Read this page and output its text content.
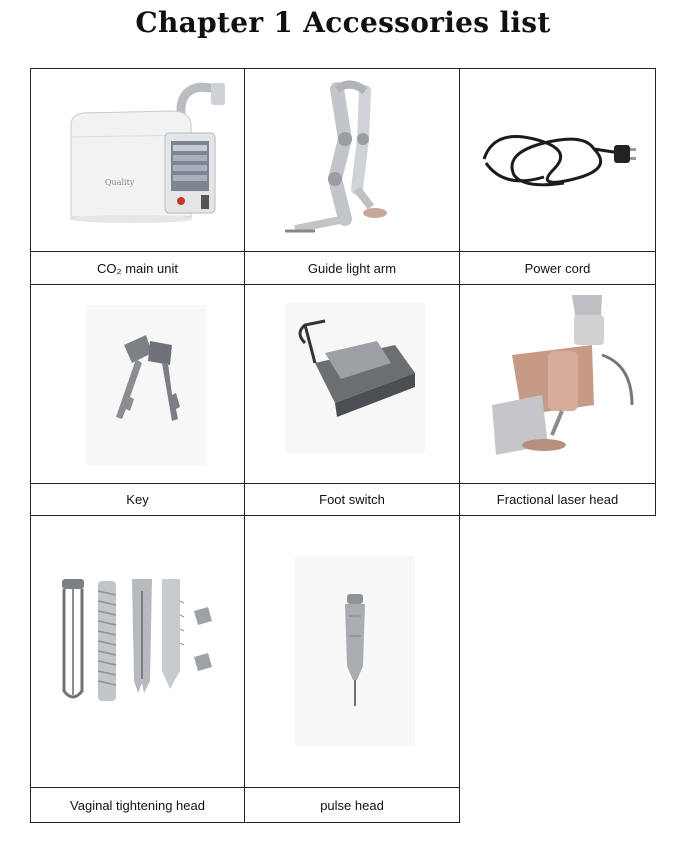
Chapter 1 Accessories list
Quality
CO₂ main unit	Guide light arm	Power cord
Key	Foot switch	Fractional laser head
Vaginal tightening head	pulse head
